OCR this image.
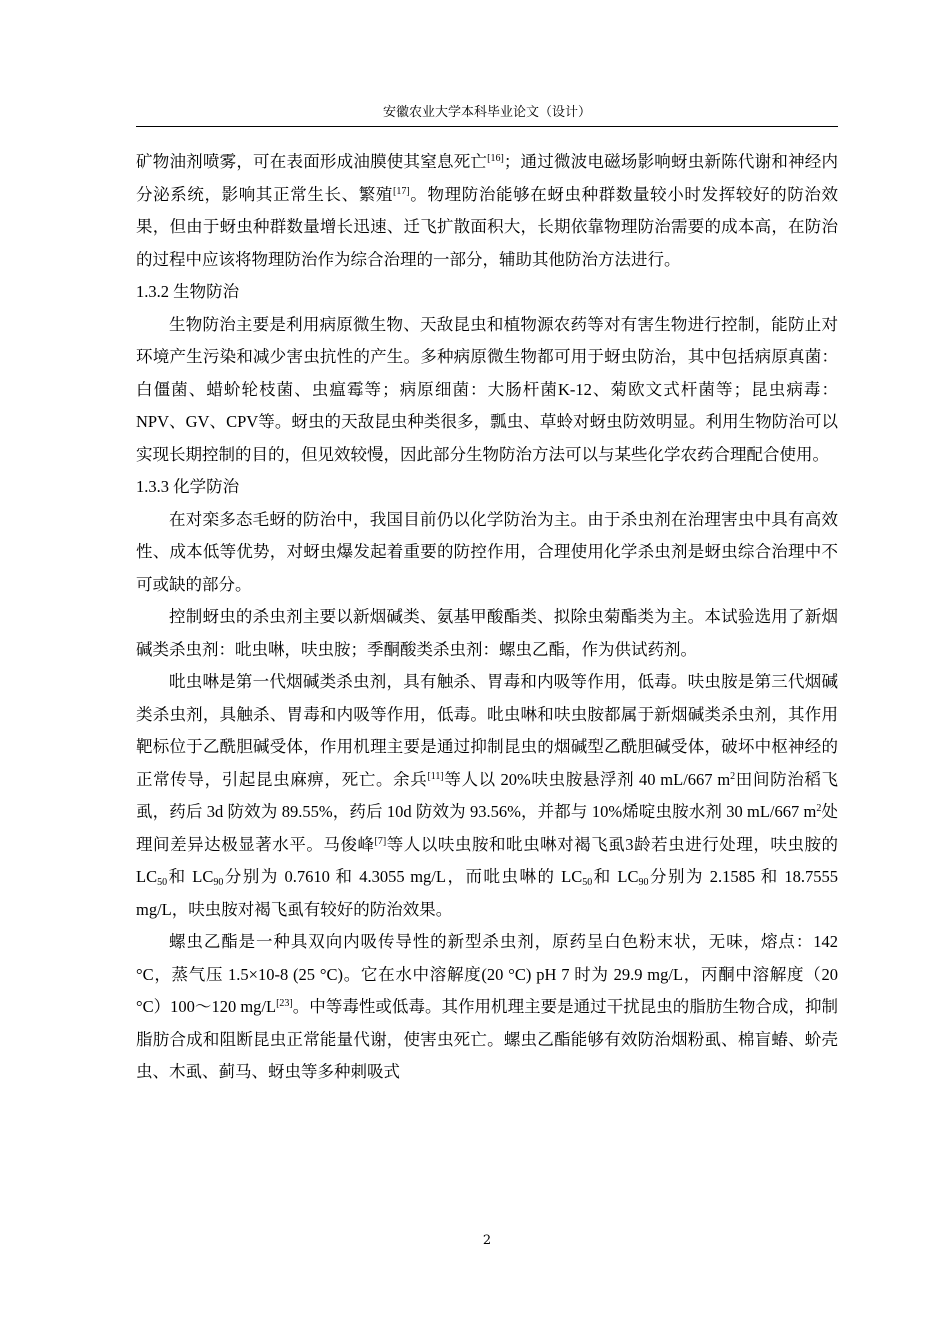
安徽农业大学本科毕业论文（设计）

矿物油剂喷雾，可在表面形成油膜使其窒息死亡[16]；通过微波电磁场影响蚜虫新陈代谢和神经内分泌系统，影响其正常生长、繁殖[17]。物理防治能够在蚜虫种群数量较小时发挥较好的防治效果，但由于蚜虫种群数量增长迅速、迁飞扩散面积大，长期依靠物理防治需要的成本高，在防治的过程中应该将物理防治作为综合治理的一部分，辅助其他防治方法进行。

1.3.2 生物防治

生物防治主要是利用病原微生物、天敌昆虫和植物源农药等对有害生物进行控制，能防止对环境产生污染和减少害虫抗性的产生。多种病原微生物都可用于蚜虫防治，其中包括病原真菌：白僵菌、蜡蚧轮枝菌、虫瘟霉等；病原细菌：大肠杆菌K-12、菊欧文式杆菌等；昆虫病毒：NPV、GV、CPV等。蚜虫的天敌昆虫种类很多，瓢虫、草蛉对蚜虫防效明显。利用生物防治可以实现长期控制的目的，但见效较慢，因此部分生物防治方法可以与某些化学农药合理配合使用。

1.3.3 化学防治

在对栾多态毛蚜的防治中，我国目前仍以化学防治为主。由于杀虫剂在治理害虫中具有高效性、成本低等优势，对蚜虫爆发起着重要的防控作用，合理使用化学杀虫剂是蚜虫综合治理中不可或缺的部分。

控制蚜虫的杀虫剂主要以新烟碱类、氨基甲酸酯类、拟除虫菊酯类为主。本试验选用了新烟碱类杀虫剂：吡虫啉，呋虫胺；季酮酸类杀虫剂：螺虫乙酯，作为供试药剂。

吡虫啉是第一代烟碱类杀虫剂，具有触杀、胃毒和内吸等作用，低毒。呋虫胺是第三代烟碱类杀虫剂，具触杀、胃毒和内吸等作用，低毒。吡虫啉和呋虫胺都属于新烟碱类杀虫剂，其作用靶标位于乙酰胆碱受体，作用机理主要是通过抑制昆虫的烟碱型乙酰胆碱受体，破坏中枢神经的正常传导，引起昆虫麻痹，死亡。余兵[11]等人以 20%呋虫胺悬浮剂 40 mL/667 $m^2$田间防治稻飞虱，药后 3d 防效为 89.55%，药后 10d 防效为 93.56%，并都与 10%烯啶虫胺水剂 30 mL/667 $m^2$处理间差异达极显著水平。马俊峰[7]等人以呋虫胺和吡虫啉对褐飞虱3龄若虫进行处理，呋虫胺的$LC_{50}$和 $LC_{90}$分别为 0.7610 和 4.3055 mg/L，而吡虫啉的 $LC_{50}$和 $LC_{90}$分别为 2.1585 和 18.7555 mg/L，呋虫胺对褐飞虱有较好的防治效果。

螺虫乙酯是一种具双向内吸传导性的新型杀虫剂，原药呈白色粉末状，无味，熔点：142 °C，蒸气压 1.5×10-8 (25 °C)。它在水中溶解度(20 °C) pH 7 时为 29.9 mg/L，丙酮中溶解度（20 °C）100～120 mg/L[23]。中等毒性或低毒。其作用机理主要是通过干扰昆虫的脂肪生物合成，抑制脂肪合成和阻断昆虫正常能量代谢，使害虫死亡。螺虫乙酯能够有效防治烟粉虱、棉盲蝽、蚧壳虫、木虱、蓟马、蚜虫等多种刺吸式

2
